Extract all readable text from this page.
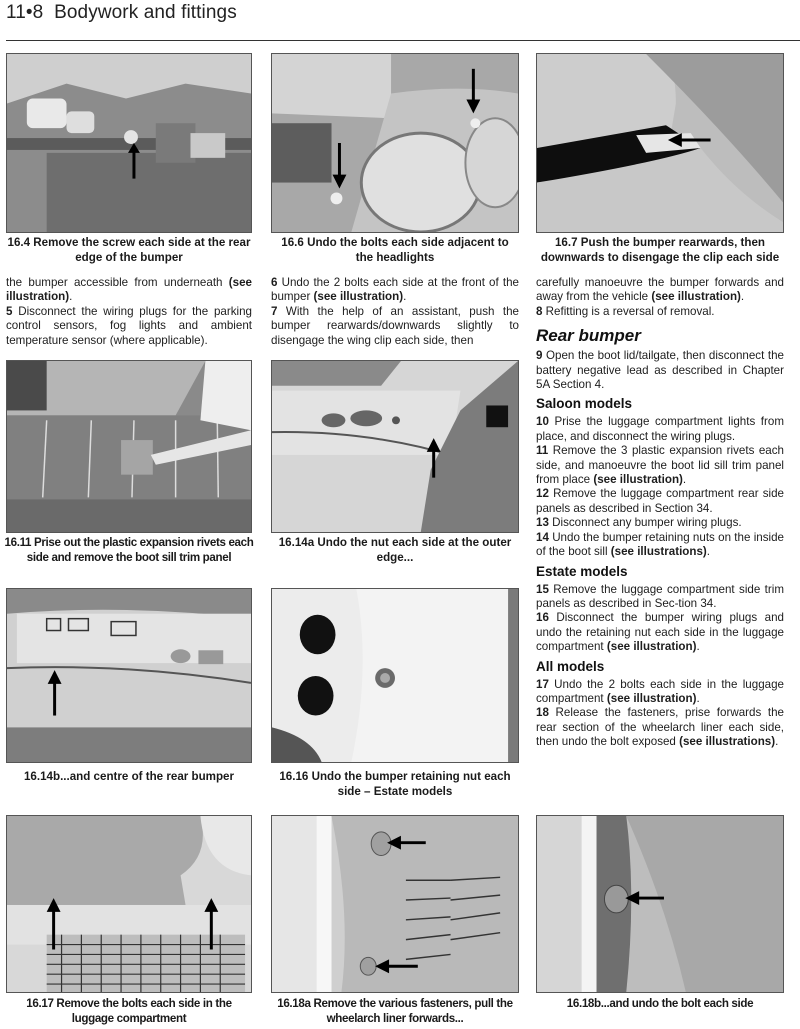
11•8 Bodywork and fittings
16.4 Remove the screw each side at the rear edge of the bumper
16.6 Undo the bolts each side adjacent to the headlights
16.7 Push the bumper rearwards, then downwards to disengage the clip each side

the bumper accessible from underneath (see illustration).

5 Disconnect the wiring plugs for the parking control sensors, fog lights and ambient temperature sensor (where applicable).

6 Undo the 2 bolts each side at the front of the bumper (see illustration).

7 With the help of an assistant, push the bumper rearwards/downwards slightly to disengage the wing clip each side, then

carefully manoeuvre the bumper forwards and away from the vehicle (see illustration).

8 Refitting is a reversal of removal.

Rear bumper

9 Open the boot lid/tailgate, then disconnect the battery negative lead as described in Chapter 5A Section 4.

Saloon models

10 Prise the luggage compartment lights from place, and disconnect the wiring plugs.

11 Remove the 3 plastic expansion rivets each side, and manoeuvre the boot lid sill trim panel from place (see illustration).

12 Remove the luggage compartment rear side panels as described in Section 34.

13 Disconnect any bumper wiring plugs.

14 Undo the bumper retaining nuts on the inside of the boot sill (see illustrations).

Estate models

15 Remove the luggage compartment side trim panels as described in Sec-tion 34.

16 Disconnect the bumper wiring plugs and undo the retaining nut each side in the luggage compartment (see illustration).

All models

17 Undo the 2 bolts each side in the luggage compartment (see illustration).

18 Release the fasteners, prise forwards the rear section of the wheelarch liner each side, then undo the bolt exposed (see illustrations).

16.11 Prise out the plastic expansion rivets each side and remove the boot sill trim panel
16.14a Undo the nut each side at the outer edge...
16.14b...and centre of the rear bumper	16.16 Undo the bumper retaining nut each side – Estate models
16.17 Remove the bolts each side in the luggage compartment
16.18a Remove the various fasteners, pull the wheelarch liner forwards...
16.18b...and undo the bolt each side
